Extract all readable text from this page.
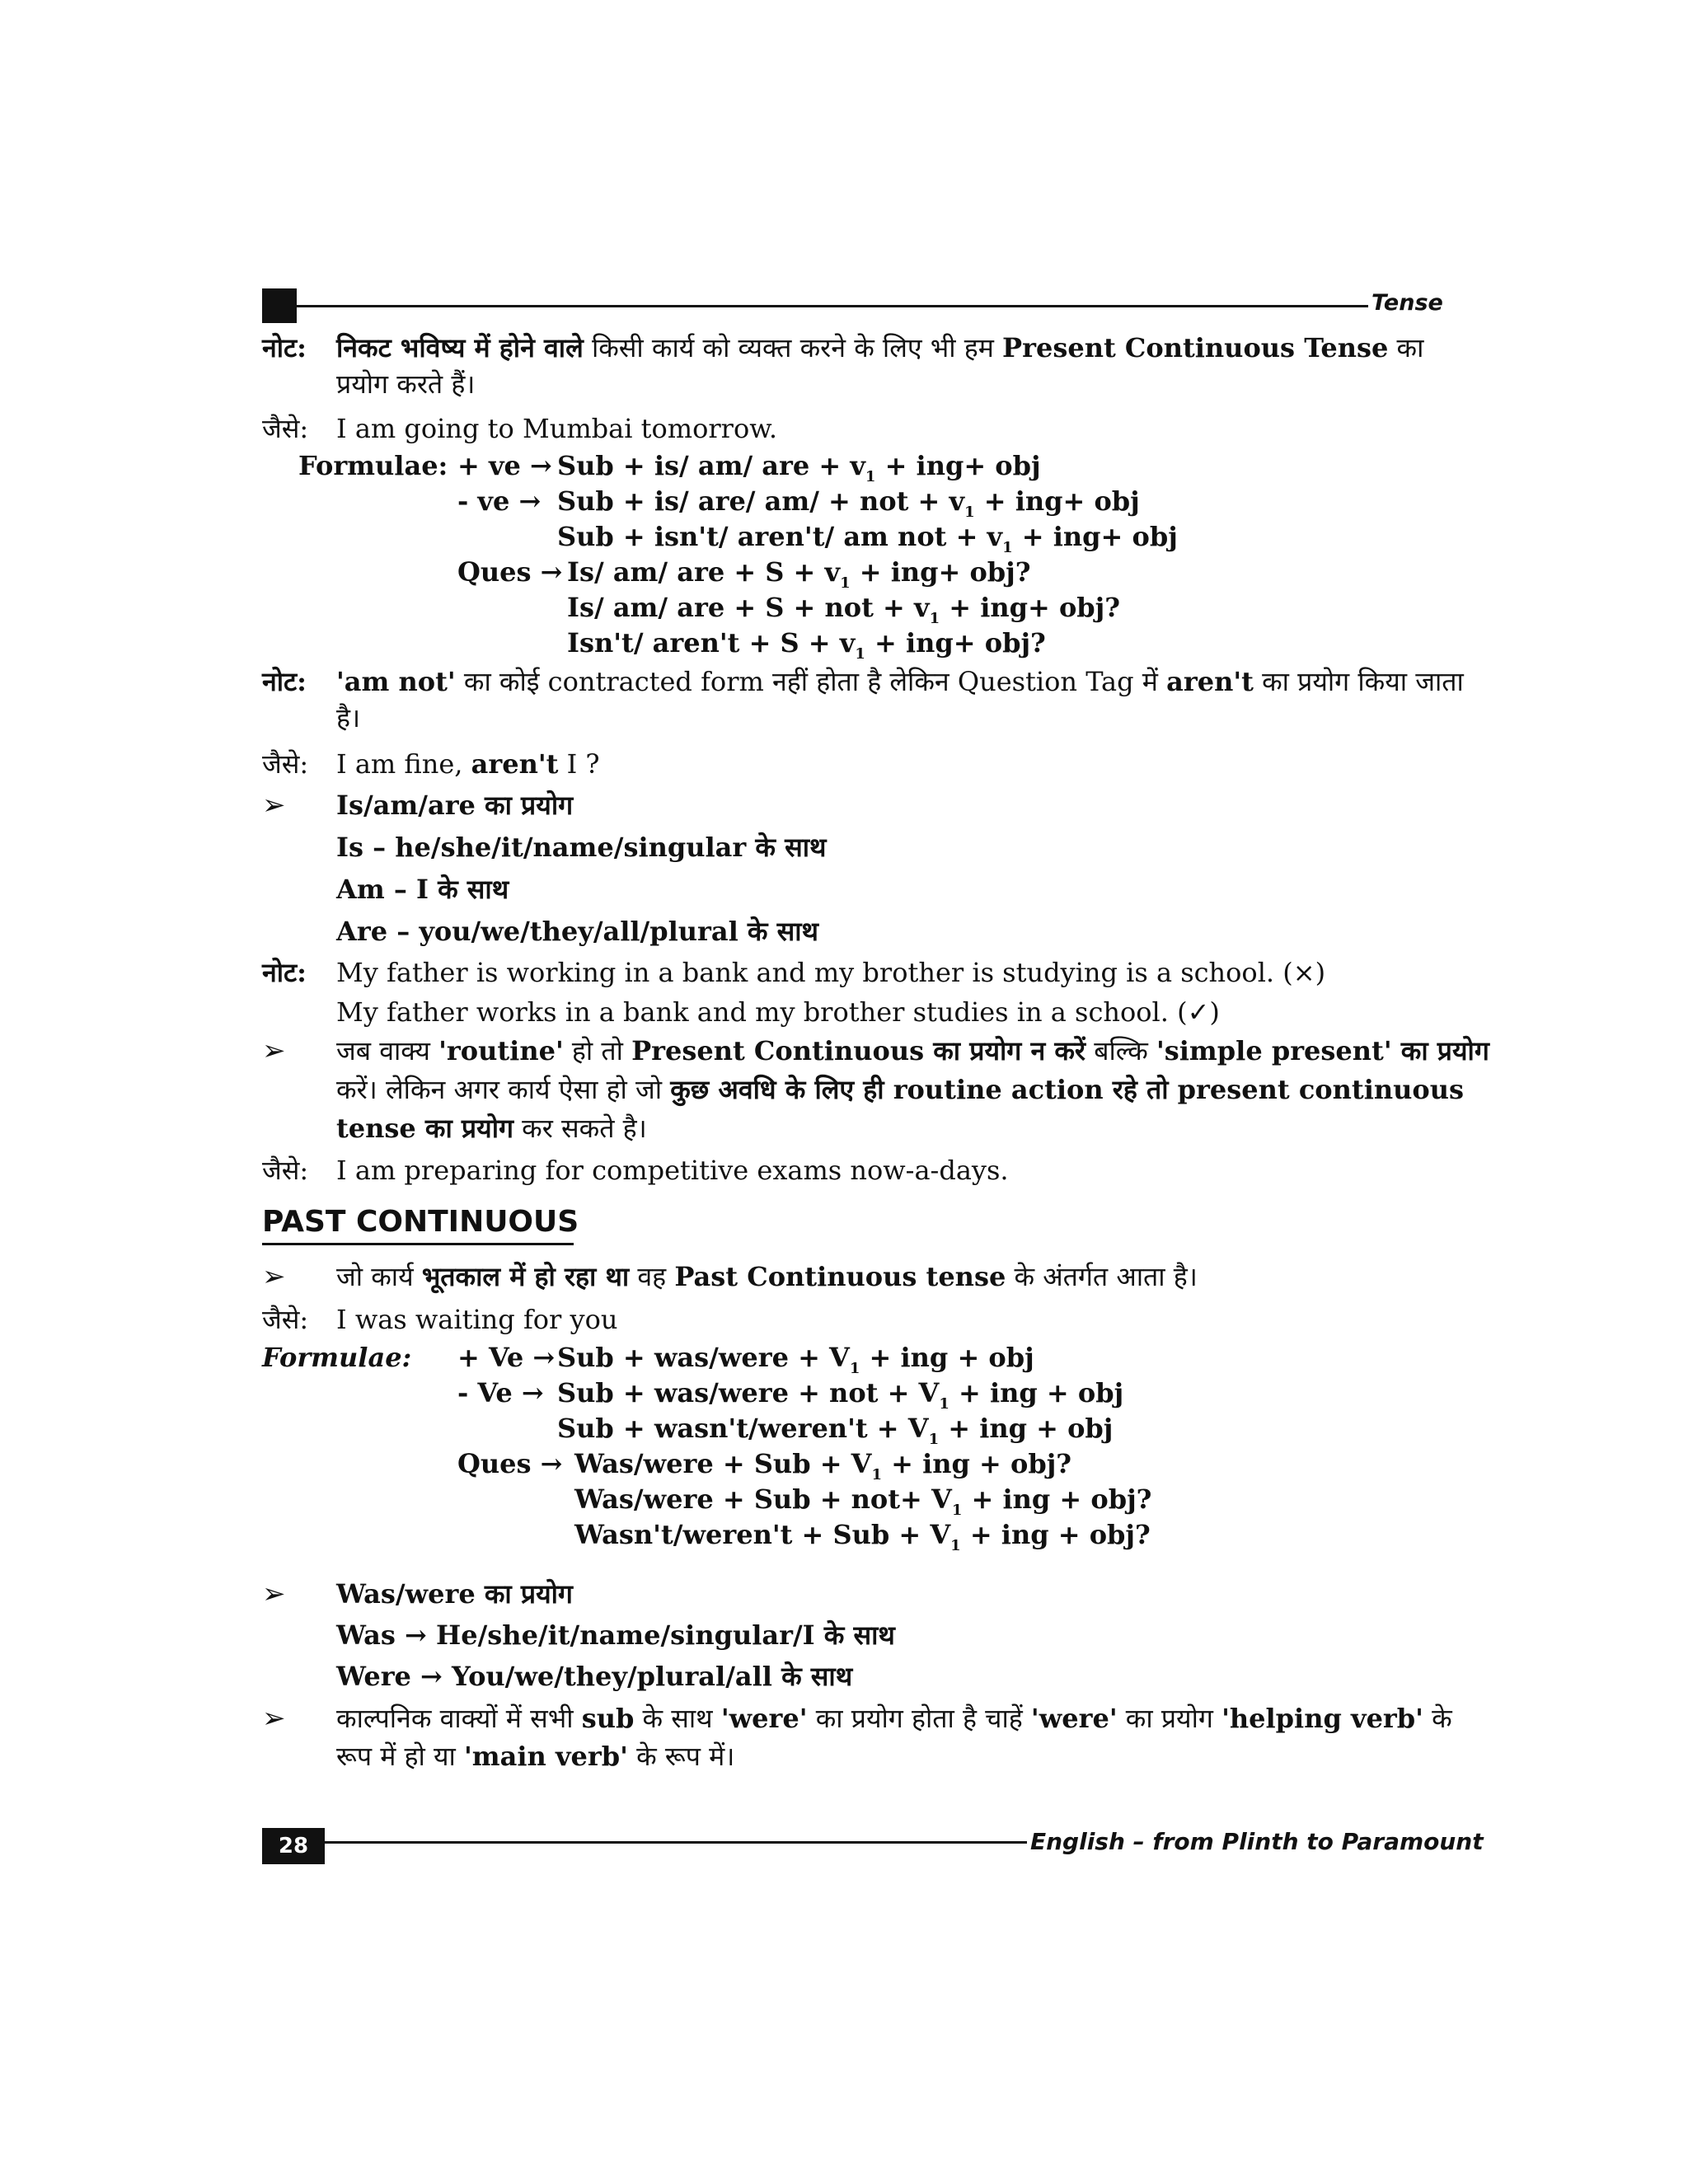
Tense
नोट: निकट भविष्य में होने वाले किसी कार्य को व्यक्त करने के लिए भी हम Present Continuous Tense का
प्रयोग करते हैं।
जैसे: I am going to Mumbai tomorrow.
Formulae: + ve → Sub + is/ am/ are + $v_1 + ing+$ obj
- ve → Sub + is/ are/ am/ + not + $v_1 + ing+$ obj
Sub + isn't/ aren't/ am not + $v_1 + ing+$ obj
Ques → Is/ am/ are + $S + v_1 + ing+$ obj?
Is/ am/ are + S + not + $v_1 + ing+$ obj?
Isn't/ aren't + $S + v_1 + ing+$ obj?
नोट: 'am not' का कोई contracted form नहीं होता है लेकिन Question Tag में aren't का प्रयोग किया जाता
है।
जैसे: I am fine, aren't I ?
➢ Is/am/are का प्रयोग
Is – he/she/it/name/singular के साथ
Am – I के साथ
Are – you/we/they/all/plural के साथ
नोट: My father is working in a bank and my brother is studying is a school. (×)
My father works in a bank and my brother studies in a school. (✓)
➢ जब वाक्य 'routine' हो तो Present Continuous का प्रयोग न करें बल्कि 'simple present' का प्रयोग
करें। लेकिन अगर कार्य ऐसा हो जो कुछ अवधि के लिए ही routine action रहे तो present continuous
tense का प्रयोग कर सकते है।
जैसे: I am preparing for competitive exams now-a-days.
PAST CONTINUOUS
➢ जो कार्य भूतकाल में हो रहा था वह Past Continuous tense के अंतर्गत आता है।
जैसे: I was waiting for you
Formulae: + Ve → Sub + was/were + $V_1$ + ing + obj
- Ve → Sub + was/were + not + $V_1$ + ing + obj
Sub + wasn't/weren't + $V_1$ + ing + obj
Ques → Was/were + Sub + $V_1$ + ing + obj?
Was/were + Sub + $not+ V_1$ + ing + obj?
Wasn't/weren't + Sub + $V_1$ + ing + obj?
➢ Was/were का प्रयोग
Was → He/she/it/name/singular/I के साथ
Were → You/we/they/plural/all के साथ
➢ काल्पनिक वाक्यों में सभी sub के साथ 'were' का प्रयोग होता है चाहें 'were' का प्रयोग 'helping verb' के
रूप में हो या 'main verb' के रूप में।
28	English – from Plinth to Paramount
